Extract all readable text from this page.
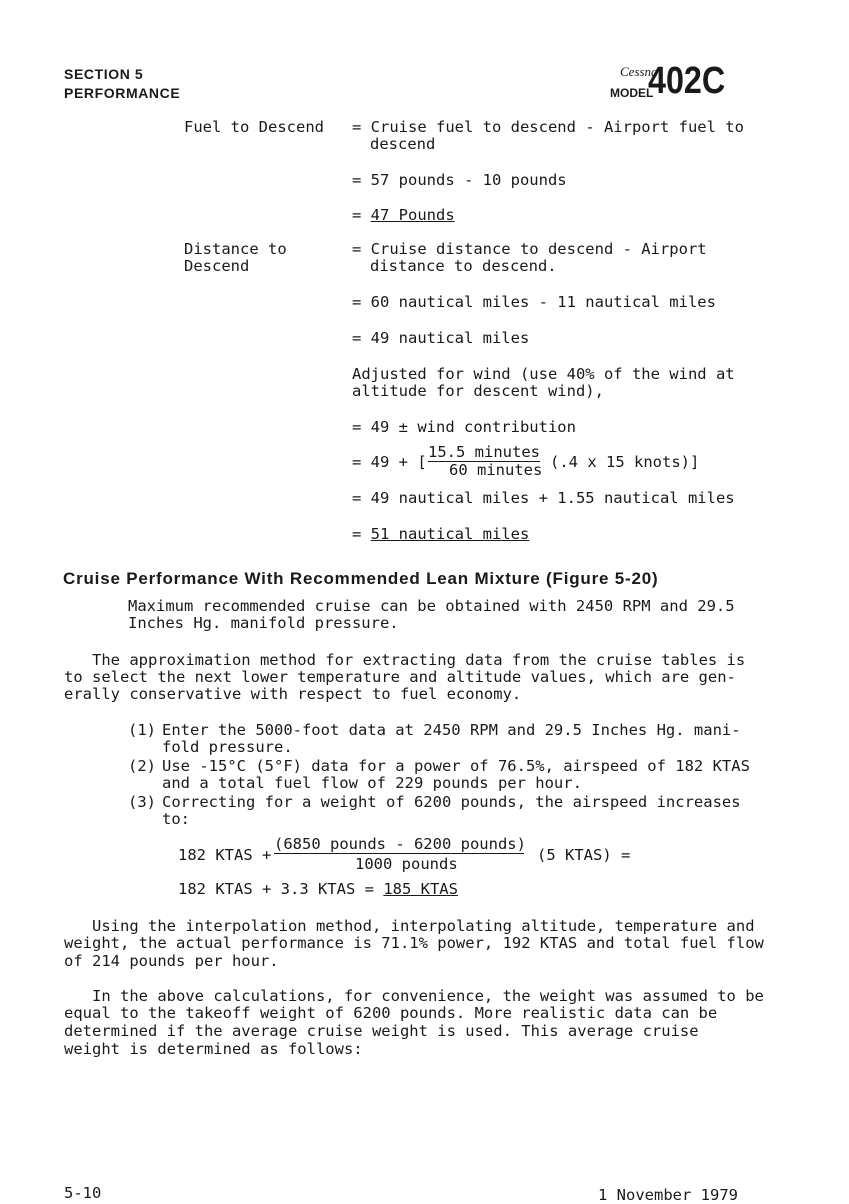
SECTION 5
PERFORMANCE
Cessna
MODEL
402C
Fuel to Descend = Cruise fuel to descend - Airport fuel to
descend
= 57 pounds - 10 pounds
= 47 Pounds
Distance to
Descend
= Cruise distance to descend - Airport
distance to descend.
= 60 nautical miles - 11 nautical miles
= 49 nautical miles
Adjusted for wind (use 40% of the wind at
altitude for descent wind),
= 49 ± wind contribution
= 49 + [
15.5 minutes
60 minutes (.4 x 15 knots)]
= 49 nautical miles + 1.55 nautical miles
= 51 nautical miles
Cruise Performance With Recommended Lean Mixture (Figure 5-20)
Maximum recommended cruise can be obtained with 2450 RPM and 29.5
Inches Hg. manifold pressure.
The approximation method for extracting data from the cruise tables is
to select the next lower temperature and altitude values, which are gen-
erally conservative with respect to fuel economy.
(1) Enter the 5000-foot data at 2450 RPM and 29.5 Inches Hg. mani-
fold pressure.
(2) Use -15°C (5°F) data for a power of 76.5%, airspeed of 182 KTAS
and a total fuel flow of 229 pounds per hour.
(3) Correcting for a weight of 6200 pounds, the airspeed increases
to:
182 KTAS +
(6850 pounds - 6200 pounds)
1000 pounds	(5 KTAS) =
182 KTAS + 3.3 KTAS = 185 KTAS
Using the interpolation method, interpolating altitude, temperature and
weight, the actual performance is 71.1% power, 192 KTAS and total fuel flow
of 214 pounds per hour.
In the above calculations, for convenience, the weight was assumed to be
equal to the takeoff weight of 6200 pounds. More realistic data can be
determined if the average cruise weight is used. This average cruise
weight is determined as follows:
5-10	1 November 1979
